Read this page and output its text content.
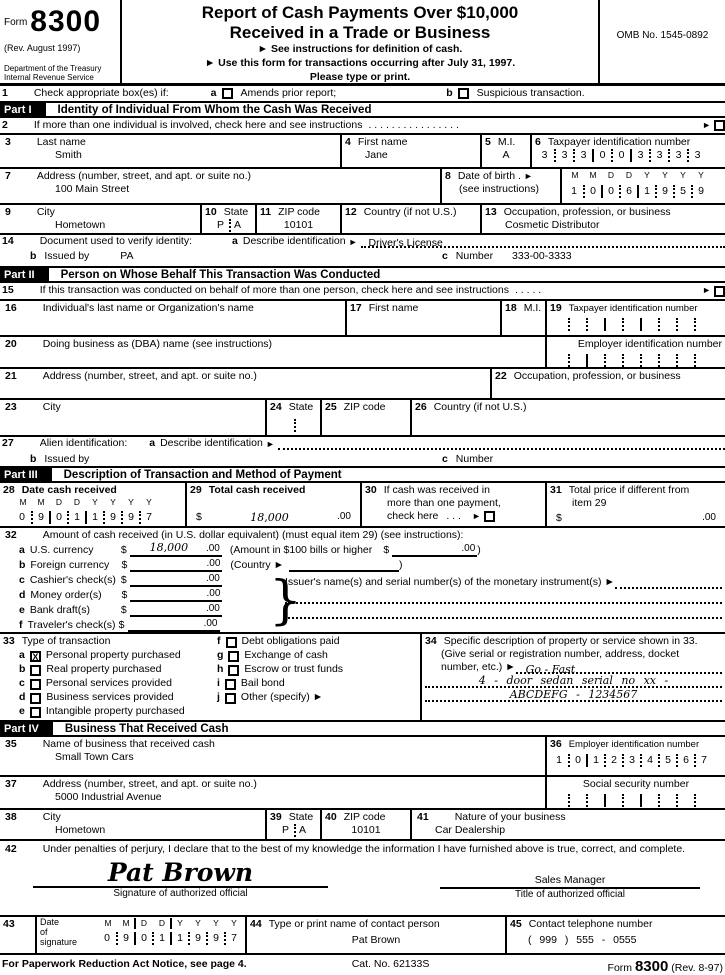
Form 8300
(Rev. August 1997)
Department of the Treasury
Internal Revenue Service
Report of Cash Payments Over $10,000
Received in a Trade or Business
► See instructions for definition of cash.
► Use this form for transactions occurring after July 31, 1997.
Please type or print.
OMB No. 1545-0892
1 Check appropriate box(es) if:	a Amends prior report;	b Suspicious transaction.
Part I	Identity of Individual From Whom the Cash Was Received
2 If more than one individual is involved, check here and see instructions . . . . . . . . . . . . . . . .	►
3 Last name
Smith
4 First name
Jane
5 M.I.
A
6 Taxpayer identification number
3	3	3	0	0	3	3	3	3
7 Address (number, street, and apt. or suite no.)
100 Main Street
8 Date of birth . ►
(see instructions)
M	M	D	D	Y	Y	Y	Y
1	0	0	6	1	9	5	9
9 City
Hometown
10 State
P A
11 ZIP code
10101
12 Country (if not U.S.)	13 Occupation, profession, or business
Cosmetic Distributor
14 Document used to verify identity:	a Describe identification ►	Driver's License
b Issued by	PA	c Number 333-00-3333
Part II	Person on Whose Behalf This Transaction Was Conducted
15 If this transaction was conducted on behalf of more than one person, check here and see instructions . . . . .	►
16 Individual's last name or Organization's name	17 First name	18 M.I. 19 Taxpayer identification number

20 Doing business as (DBA) name (see instructions)	Employer identification number

21 Address (number, street, and apt. or suite no.)	22 Occupation, profession, or business
23 City	24 State

	25 ZIP code	26 Country (if not U.S.)
27 Alien identification: a Describe identification ►
b Issued by	c Number
Part III	Description of Transaction and Method of Payment
28 Date cash received
M	M	D	D	Y	Y	Y	Y
0	9	0	1	1	9	9	7
29 Total cash received
$	18,000	.00
30 If cash was received in
more than one payment,
check here . . . ►
31 Total price if different from
item 29
$	.00
32 Amount of cash received (in U.S. dollar equivalent) (must equal item 29) (see instructions):
a U.S. currency	$	18,000	.00 (Amount in $100 bills or higher $	.00 )
b Foreign currency	$	.00 (Country ►	)
c Cashier's check(s) $	.00
d Money order(s)	$	.00
e Bank draft(s)	$	.00
f Traveler's check(s) $	.00 }
Issuer's name(s) and serial number(s) of the monetary instrument(s) ►
33 Type of transaction	f Debt obligations paid
a X Personal property purchased	g Exchange of cash
b Real property purchased	h Escrow or trust funds
c Personal services provided	i Bail bond
d Business services provided	j Other (specify) ►
e Intangible property purchased
34 Specific description of property or service shown in 33.
(Give serial or registration number, address, docket
number, etc.) ► Go - Fast
4 - door sedan serial no xx -
ABCDEFG - 1234567
Part IV	Business That Received Cash
35 Name of business that received cash
Small Town Cars
36 Employer identification number
1	0	1	2	3	4	5	6	7
37 Address (number, street, and apt. or suite no.)
5000 Industrial Avenue
Social security number

38 City
Hometown
39 State
P A
40 ZIP code
10101
41 Nature of your business
Car Dealership
42 Under penalties of perjury, I declare that to the best of my knowledge the information I have furnished above is true, correct, and complete.
Pat Brown
Signature of authorized official
Sales Manager
Title of authorized official
43	Date
of
signature
M	M	D	D	Y	Y	Y	Y
0	9	0	1	1	9	9	7
44 Type or print name of contact person
Pat Brown
45 Contact telephone number
( 999 ) 555 - 0555
For Paperwork Reduction Act Notice, see page 4.	Cat. No. 62133S	Form 8300 (Rev. 8-97)
